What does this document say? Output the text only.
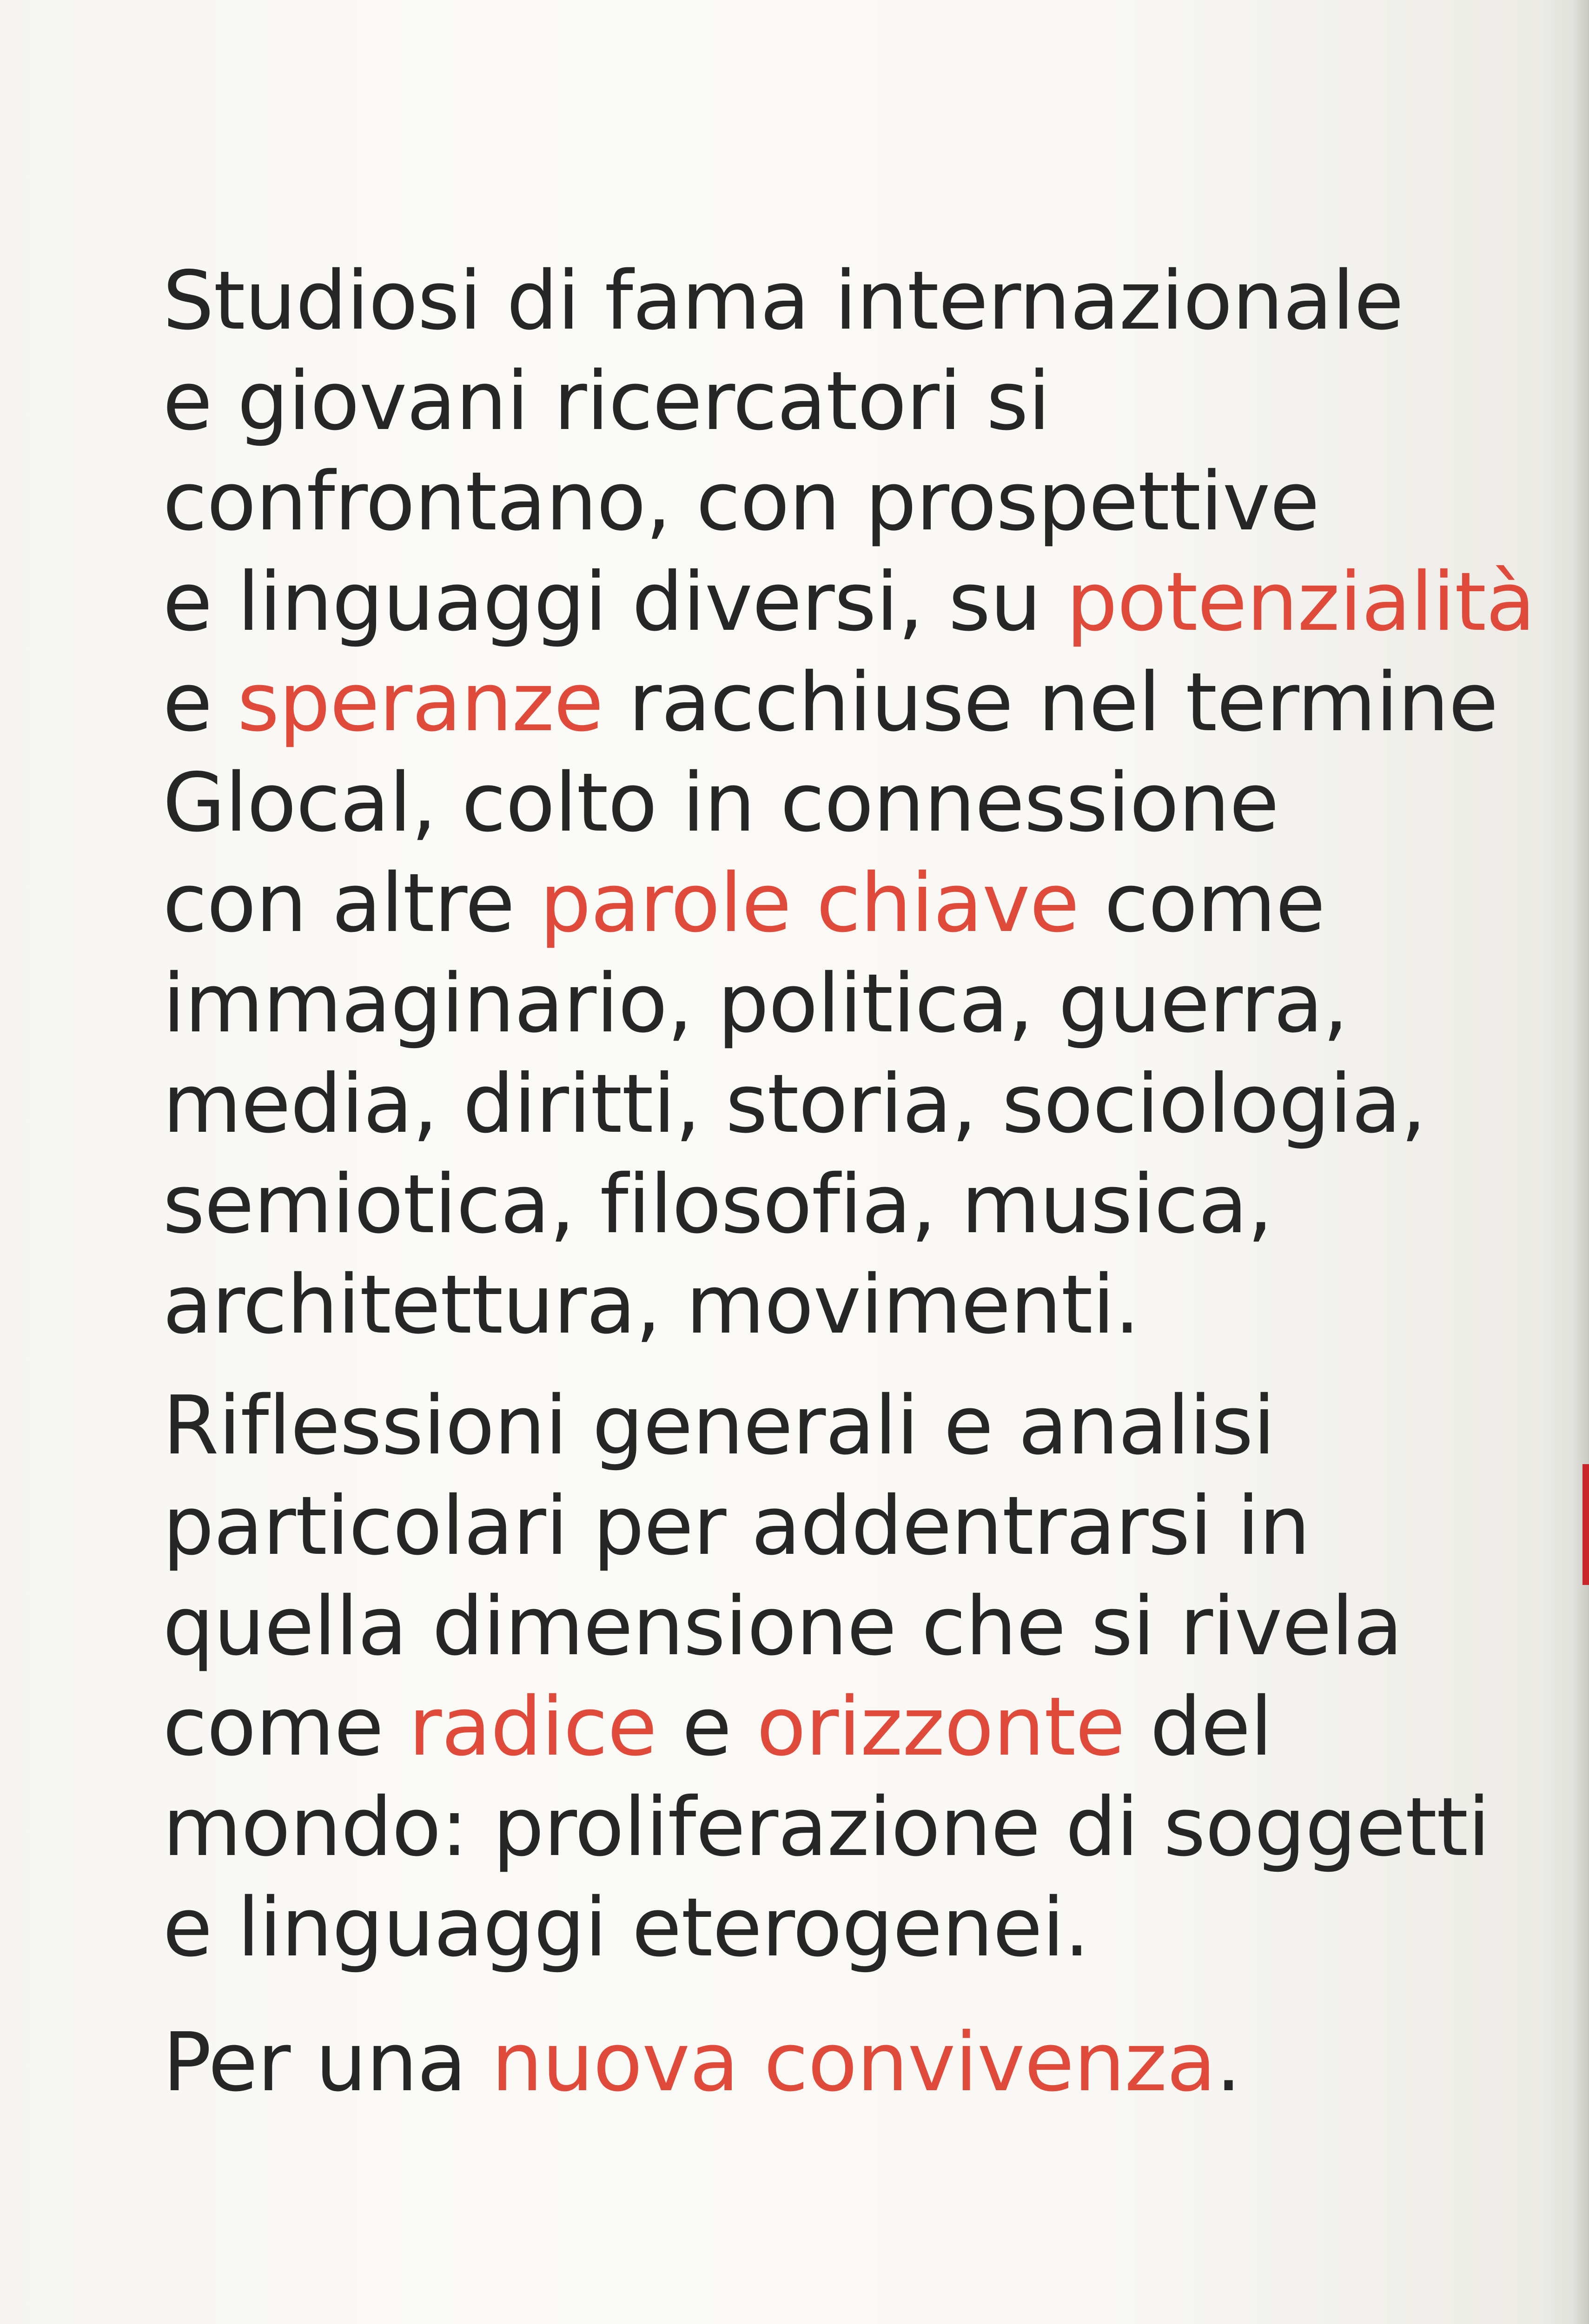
Studiosi di fama internazionale
e giovani ricercatori si
confrontano, con prospettive
e linguaggi diversi, su potenzialità
e speranze racchiuse nel termine
Glocal, colto in connessione
con altre parole chiave come
immaginario, politica, guerra,
media, diritti, storia, sociologia,
semiotica, filosofia, musica,
architettura, movimenti.
Riflessioni generali e analisi
particolari per addentrarsi in
quella dimensione che si rivela
come radice e orizzonte del
mondo: proliferazione di soggetti
e linguaggi eterogenei.
Per una nuova convivenza.
